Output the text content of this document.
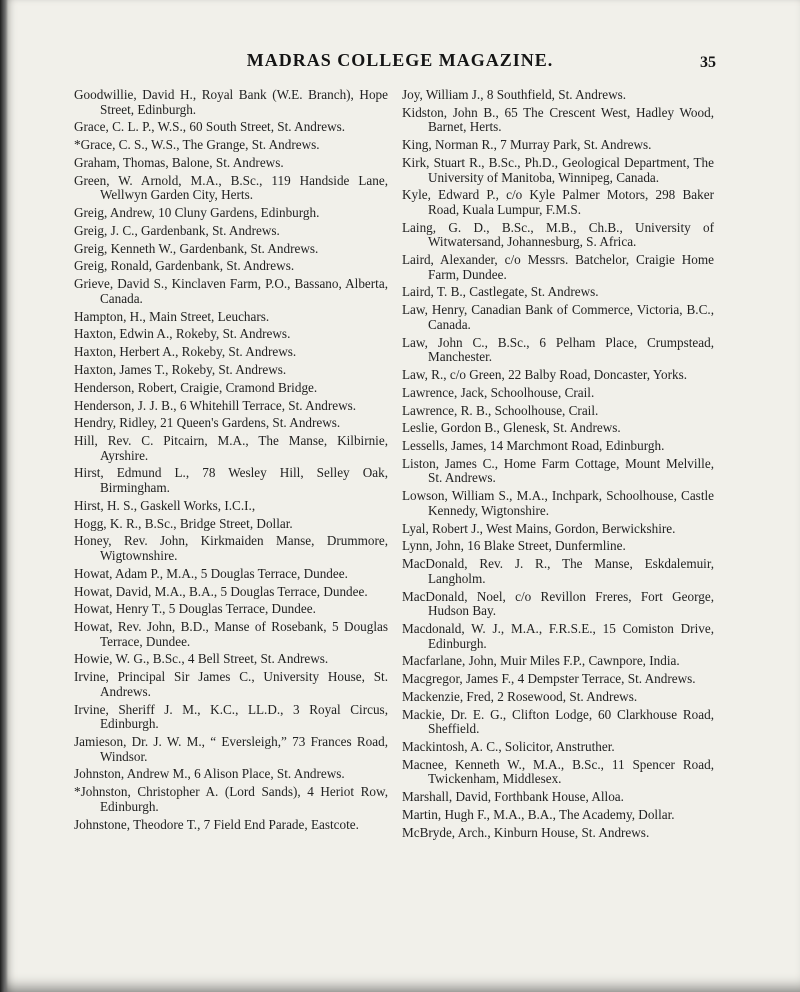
MADRAS COLLEGE MAGAZINE.	35
Goodwillie, David H., Royal Bank (W.E. Branch), Hope Street, Edinburgh.
Grace, C. L. P., W.S., 60 South Street, St. Andrews.
*Grace, C. S., W.S., The Grange, St. Andrews.
Graham, Thomas, Balone, St. Andrews.
Green, W. Arnold, M.A., B.Sc., 119 Handside Lane, Wellwyn Garden City, Herts.
Greig, Andrew, 10 Cluny Gardens, Edinburgh.
Greig, J. C., Gardenbank, St. Andrews.
Greig, Kenneth W., Gardenbank, St. Andrews.
Greig, Ronald, Gardenbank, St. Andrews.
Grieve, David S., Kinclaven Farm, P.O., Bassano, Alberta, Canada.
Hampton, H., Main Street, Leuchars.
Haxton, Edwin A., Rokeby, St. Andrews.
Haxton, Herbert A., Rokeby, St. Andrews.
Haxton, James T., Rokeby, St. Andrews.
Henderson, Robert, Craigie, Cramond Bridge.
Henderson, J. J. B., 6 Whitehill Terrace, St. Andrews.
Hendry, Ridley, 21 Queen's Gardens, St. Andrews.
Hill, Rev. C. Pitcairn, M.A., The Manse, Kilbirnie, Ayrshire.
Hirst, Edmund L., 78 Wesley Hill, Selley Oak, Birmingham.
Hirst, H. S., Gaskell Works, I.C.I.,
Hogg, K. R., B.Sc., Bridge Street, Dollar.
Honey, Rev. John, Kirkmaiden Manse, Drummore, Wigtownshire.
Howat, Adam P., M.A., 5 Douglas Terrace, Dundee.
Howat, David, M.A., B.A., 5 Douglas Terrace, Dundee.
Howat, Henry T., 5 Douglas Terrace, Dundee.
Howat, Rev. John, B.D., Manse of Rosebank, 5 Douglas Terrace, Dundee.
Howie, W. G., B.Sc., 4 Bell Street, St. Andrews.
Irvine, Principal Sir James C., University House, St. Andrews.
Irvine, Sheriff J. M., K.C., LL.D., 3 Royal Circus, Edinburgh.
Jamieson, Dr. J. W. M., “ Eversleigh,” 73 Frances Road, Windsor.
Johnston, Andrew M., 6 Alison Place, St. Andrews.
*Johnston, Christopher A. (Lord Sands), 4 Heriot Row, Edinburgh.
Johnstone, Theodore T., 7 Field End Parade, Eastcote.
Joy, William J., 8 Southfield, St. Andrews.
Kidston, John B., 65 The Crescent West, Hadley Wood, Barnet, Herts.
King, Norman R., 7 Murray Park, St. Andrews.
Kirk, Stuart R., B.Sc., Ph.D., Geological Department, The University of Manitoba, Winnipeg, Canada.
Kyle, Edward P., c/o Kyle Palmer Motors, 298 Baker Road, Kuala Lumpur, F.M.S.
Laing, G. D., B.Sc., M.B., Ch.B., University of Witwatersand, Johannesburg, S. Africa.
Laird, Alexander, c/o Messrs. Batchelor, Craigie Home Farm, Dundee.
Laird, T. B., Castlegate, St. Andrews.
Law, Henry, Canadian Bank of Commerce, Victoria, B.C., Canada.
Law, John C., B.Sc., 6 Pelham Place, Crumpstead, Manchester.
Law, R., c/o Green, 22 Balby Road, Doncaster, Yorks.
Lawrence, Jack, Schoolhouse, Crail.
Lawrence, R. B., Schoolhouse, Crail.
Leslie, Gordon B., Glenesk, St. Andrews.
Lessells, James, 14 Marchmont Road, Edinburgh.
Liston, James C., Home Farm Cottage, Mount Melville, St. Andrews.
Lowson, William S., M.A., Inchpark, Schoolhouse, Castle Kennedy, Wigtonshire.
Lyal, Robert J., West Mains, Gordon, Berwickshire.
Lynn, John, 16 Blake Street, Dunfermline.
MacDonald, Rev. J. R., The Manse, Eskdalemuir, Langholm.
MacDonald, Noel, c/o Revillon Freres, Fort George, Hudson Bay.
Macdonald, W. J., M.A., F.R.S.E., 15 Comiston Drive, Edinburgh.
Macfarlane, John, Muir Miles F.P., Cawnpore, India.
Macgregor, James F., 4 Dempster Terrace, St. Andrews.
Mackenzie, Fred, 2 Rosewood, St. Andrews.
Mackie, Dr. E. G., Clifton Lodge, 60 Clarkhouse Road, Sheffield.
Mackintosh, A. C., Solicitor, Anstruther.
Macnee, Kenneth W., M.A., B.Sc., 11 Spencer Road, Twickenham, Middlesex.
Marshall, David, Forthbank House, Alloa.
Martin, Hugh F., M.A., B.A., The Academy, Dollar.
McBryde, Arch., Kinburn House, St. Andrews.
